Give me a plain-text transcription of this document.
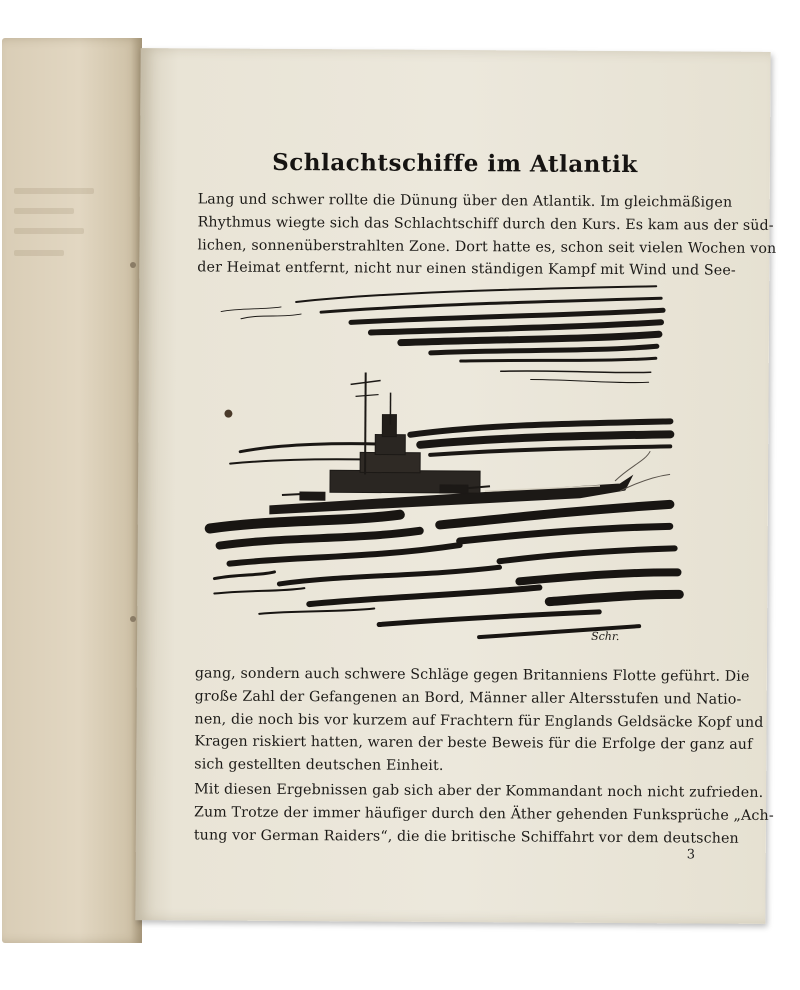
Schlachtschiffe im Atlantik
Lang und schwer rollte die Dünung über den Atlantik. Im gleichmäßigen
Rhythmus wiegte sich das Schlachtschiff durch den Kurs. Es kam aus der süd-
lichen, sonnenüberstrahlten Zone. Dort hatte es, schon seit vielen Wochen von
der Heimat entfernt, nicht nur einen ständigen Kampf mit Wind und See-
Schr.
gang, sondern auch schwere Schläge gegen Britanniens Flotte geführt. Die
große Zahl der Gefangenen an Bord, Männer aller Altersstufen und Natio-
nen, die noch bis vor kurzem auf Frachtern für Englands Geldsäcke Kopf und
Kragen riskiert hatten, waren der beste Beweis für die Erfolge der ganz auf
sich gestellten deutschen Einheit.
Mit diesen Ergebnissen gab sich aber der Kommandant noch nicht zufrieden.
Zum Trotze der immer häufiger durch den Äther gehenden Funksprüche „Ach-
tung vor German Raiders“, die die britische Schiffahrt vor dem deutschen
3
